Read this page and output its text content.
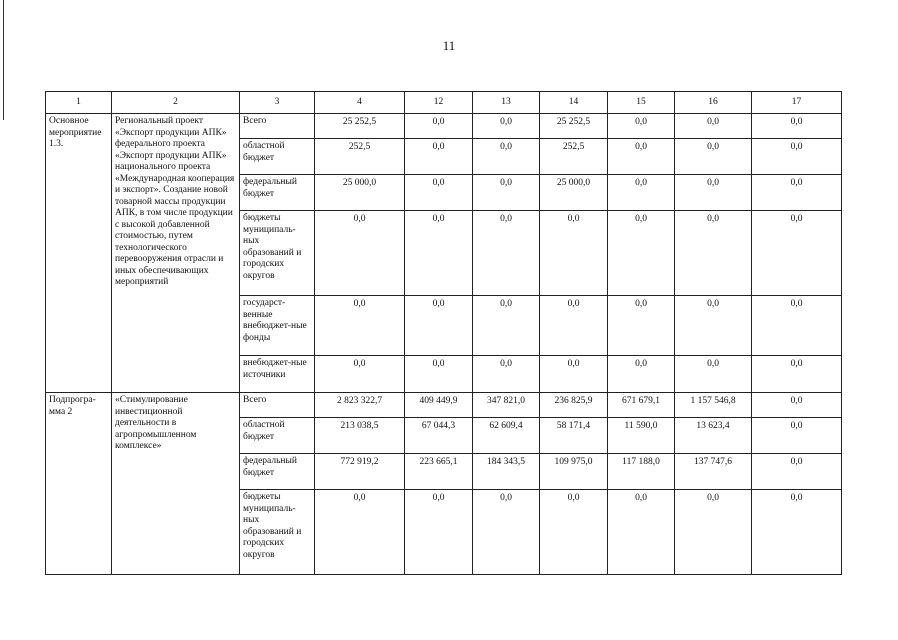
11
1	2	3	4	12	13	14	15	16	17
Основное мероприятие 1.3.	Региональный проект «Экспорт продукции АПК» федерального проекта «Экспорт продукции АПК» национального проекта «Международная кооперация и экспорт». Создание новой товарной массы продукции АПК, в том числе продукции с высокой добавленной стоимостью, путем технологического перевооружения отрасли и иных обеспечивающих мероприятий	Всего	25 252,5	0,0	0,0	25 252,5	0,0	0,0	0,0
		областной бюджет	252,5	0,0	0,0	252,5	0,0	0,0	0,0
		федеральный бюджет	25 000,0	0,0	0,0	25 000,0	0,0	0,0	0,0
		бюджеты муниципаль-ных образований и городских округов	0,0	0,0	0,0	0,0	0,0	0,0	0,0
		государст-венные внебюджет-ные фонды	0,0	0,0	0,0	0,0	0,0	0,0	0,0
		внебюджет-ные источники	0,0	0,0	0,0	0,0	0,0	0,0	0,0
Подпрогра-мма 2	«Стимулирование инвестиционной деятельности в агропромышленном комплексе»	Всего	2 823 322,7	409 449,9	347 821,0	236 825,9	671 679,1	1 157 546,8	0,0
		областной бюджет	213 038,5	67 044,3	62 609,4	58 171,4	11 590,0	13 623,4	0,0
		федеральный бюджет	772 919,2	223 665,1	184 343,5	109 975,0	117 188,0	137 747,6	0,0
		бюджеты муниципаль-ных образований и городских округов	0,0	0,0	0,0	0,0	0,0	0,0	0,0
